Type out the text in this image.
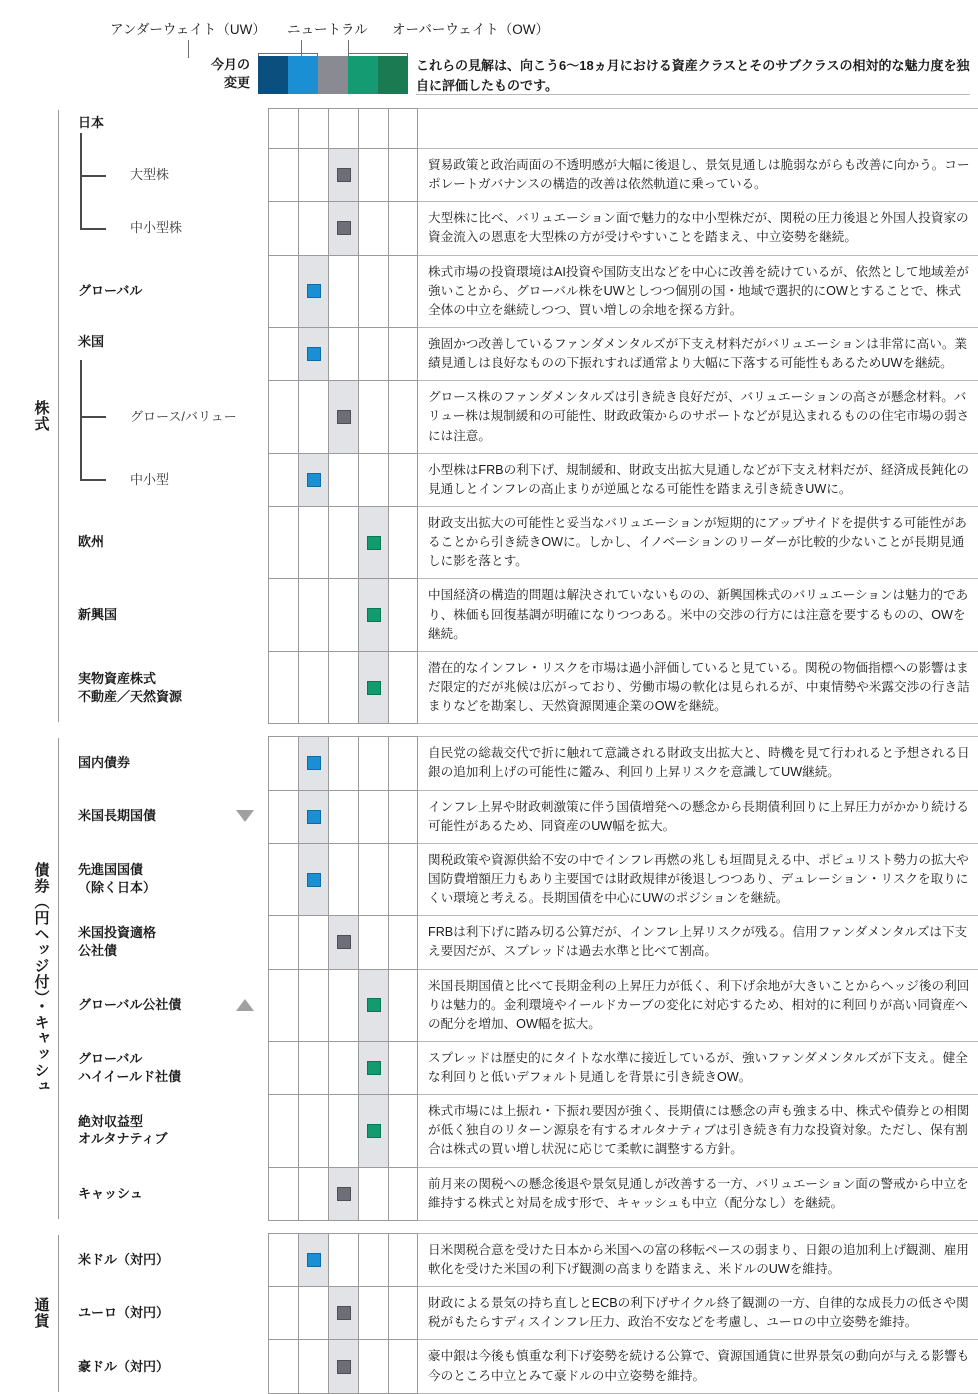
アンダーウェイト（UW） ニュートラル オーバーウェイト（OW）
今月の
変更
これらの見解は、向こう6〜18ヵ月における資産クラスとそのサブクラスの相対的な魅力度を独自に評価したものです。
株式
日本
大型株
貿易政策と政治両面の不透明感が大幅に後退し、景気見通しは脆弱ながらも改善に向かう。コーポレートガバナンスの構造的改善は依然軌道に乗っている。
中小型株
大型株に比べ、バリュエーション面で魅力的な中小型株だが、関税の圧力後退と外国人投資家の資金流入の恩恵を大型株の方が受けやすいことを踏まえ、中立姿勢を継続。
グローバル
株式市場の投資環境はAI投資や国防支出などを中心に改善を続けているが、依然として地域差が強いことから、グローバル株をUWとしつつ個別の国・地域で選択的にOWとすることで、株式全体の中立を継続しつつ、買い増しの余地を探る方針。
米国	強固かつ改善しているファンダメンタルズが下支え材料だがバリュエーションは非常に高い。業績見通しは良好なものの下振れすれば通常より大幅に下落する可能性もあるためUWを継続。
グロース/バリュー
グロース株のファンダメンタルズは引き続き良好だが、バリュエーションの高さが懸念材料。バリュー株は規制緩和の可能性、財政政策からのサポートなどが見込まれるものの住宅市場の弱さには注意。
中小型
小型株はFRBの利下げ、規制緩和、財政支出拡大見通しなどが下支え材料だが、経済成長鈍化の見通しとインフレの高止まりが逆風となる可能性を踏まえ引き続きUWに。
欧州
財政支出拡大の可能性と妥当なバリュエーションが短期的にアップサイドを提供する可能性があることから引き続きOWに。しかし、イノベーションのリーダーが比較的少ないことが長期見通しに影を落とす。
新興国
中国経済の構造的問題は解決されていないものの、新興国株式のバリュエーションは魅力的であり、株価も回復基調が明確になりつつある。米中の交渉の行方には注意を要するものの、OWを継続。
実物資産株式
不動産／天然資源
潜在的なインフレ・リスクを市場は過小評価していると見ている。関税の物価指標への影響はまだ限定的だが兆候は広がっており、労働市場の軟化は見られるが、中東情勢や米露交渉の行き詰まりなどを勘案し、天然資源関連企業のOWを継続。
債券（円ヘッジ付）・キャッシュ
国内債券
自民党の総裁交代で折に触れて意識される財政支出拡大と、時機を見て行われると予想される日銀の追加利上げの可能性に鑑み、利回り上昇リスクを意識してUW継続。
米国長期国債
インフレ上昇や財政刺激策に伴う国債増発への懸念から長期債利回りに上昇圧力がかかり続ける可能性があるため、同資産のUW幅を拡大。
先進国国債
（除く日本）
関税政策や資源供給不安の中でインフレ再燃の兆しも垣間見える中、ポピュリスト勢力の拡大や国防費増額圧力もあり主要国では財政規律が後退しつつあり、デュレーション・リスクを取りにくい環境と考える。長期国債を中心にUWのポジションを継続。
米国投資適格
公社債
FRBは利下げに踏み切る公算だが、インフレ上昇リスクが残る。信用ファンダメンタルズは下支え要因だが、スプレッドは過去水準と比べて割高。
グローバル公社債
米国長期国債と比べて長期金利の上昇圧力が低く、利下げ余地が大きいことからヘッジ後の利回りは魅力的。金利環境やイールドカーブの変化に対応するため、相対的に利回りが高い同資産への配分を増加、OW幅を拡大。
グローバル
ハイイールド社債
スプレッドは歴史的にタイトな水準に接近しているが、強いファンダメンタルズが下支え。健全な利回りと低いデフォルト見通しを背景に引き続きOW。
絶対収益型
オルタナティブ
株式市場には上振れ・下振れ要因が強く、長期債には懸念の声も強まる中、株式や債券との相関が低く独自のリターン源泉を有するオルタナティブは引き続き有力な投資対象。ただし、保有割合は株式の買い増し状況に応じて柔軟に調整する方針。
キャッシュ
前月来の関税への懸念後退や景気見通しが改善する一方、バリュエーション面の警戒から中立を維持する株式と対局を成す形で、キャッシュも中立（配分なし）を継続。
通貨
米ドル（対円）
日米関税合意を受けた日本から米国への富の移転ペースの弱まり、日銀の追加利上げ観測、雇用軟化を受けた米国の利下げ観測の高まりを踏まえ、米ドルのUWを維持。
ユーロ（対円）
財政による景気の持ち直しとECBの利下げサイクル終了観測の一方、自律的な成長力の低さや関税がもたらすディスインフレ圧力、政治不安などを考慮し、ユーロの中立姿勢を維持。
豪ドル（対円）
豪中銀は今後も慎重な利下げ姿勢を続ける公算で、資源国通貨に世界景気の動向が与える影響も今のところ中立とみて豪ドルの中立姿勢を維持。
